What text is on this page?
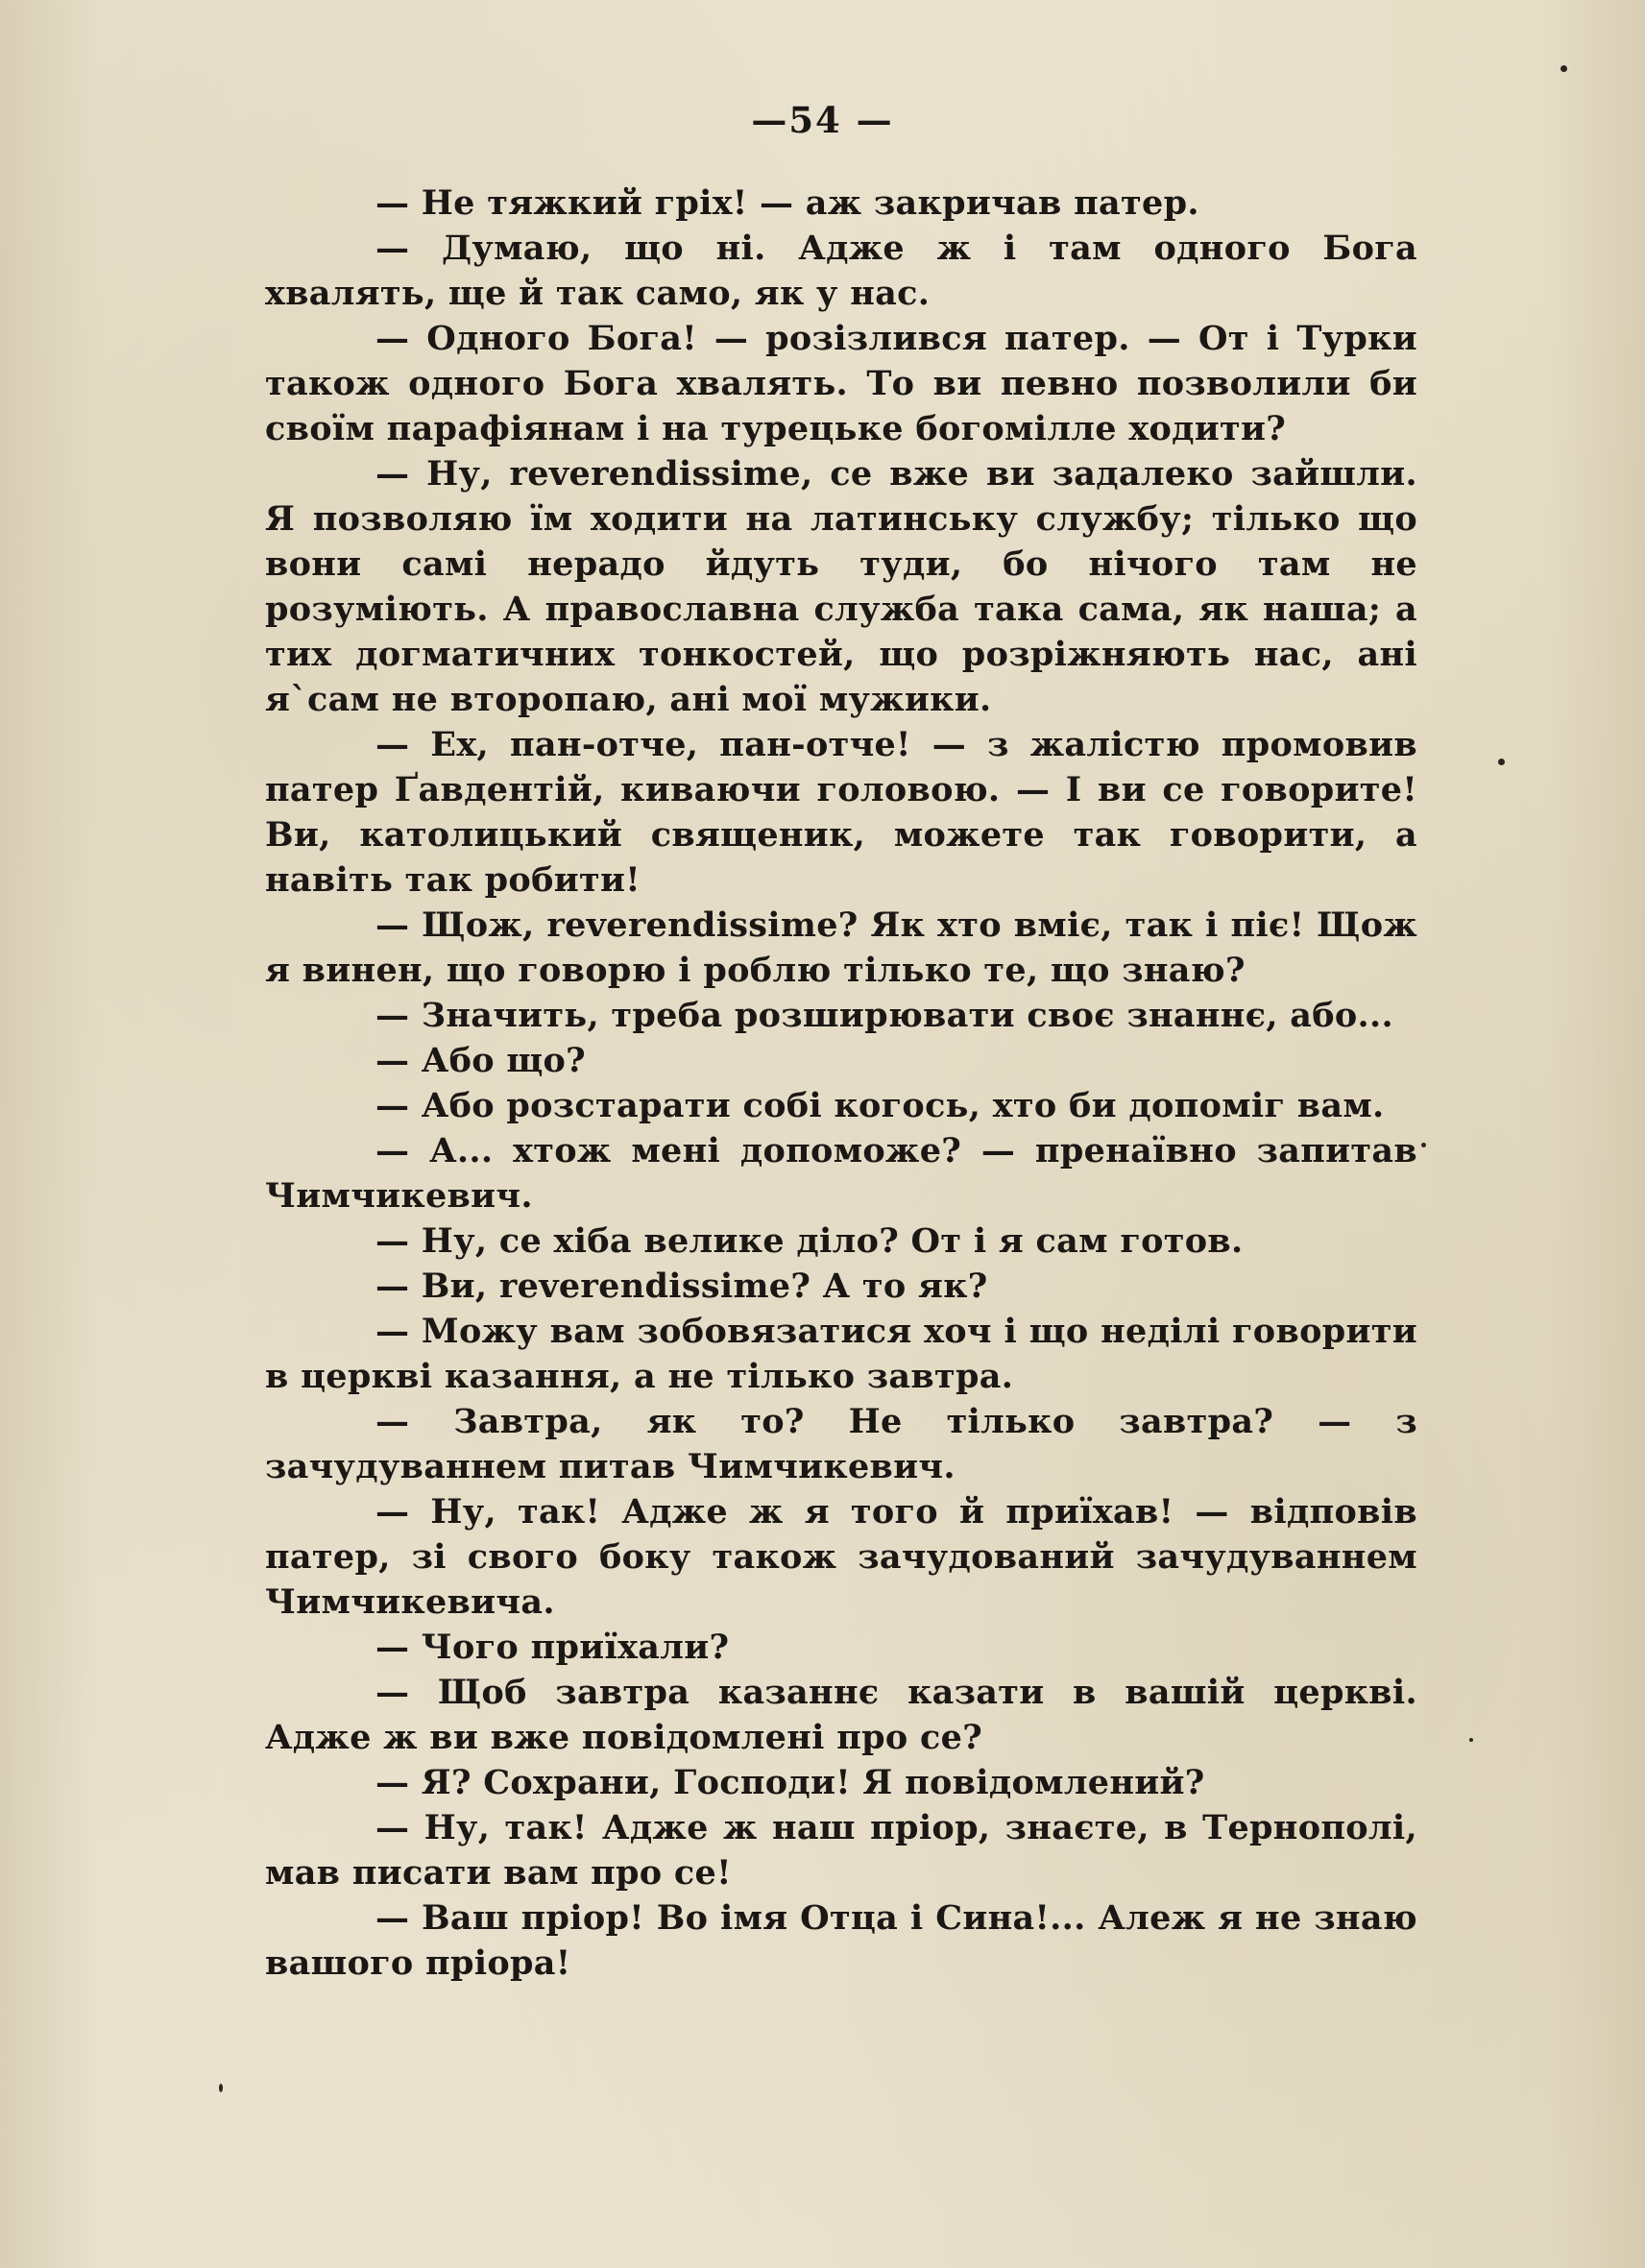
—54 —

— Не тяжкий гріх! — аж закричав патер.

— Думаю, що ні. Адже ж і там одного Бога хвалять, ще й так само, як у нас.

— Одного Бога! — розізлився патер. — От і Турки також одного Бога хвалять. То ви певно позволили би своїм парафіянам і на турецьке богомілле ходити?

— Ну, reverendissime, се вже ви задалеко зайшли. Я позволяю їм ходити на латинську службу; тілько що вони самі нерадо йдуть туди, бо нічого там не розуміють. А православна служба така сама, як наша; а тих догматичних тонкостей, що розріжняють нас, ані я`сам не второпаю, ані мої мужики.

— Ех, пан-отче, пан-отче! — з жалістю промовив патер Ґавдентій, киваючи головою. — І ви се говорите! Ви, католицький священик, можете так говорити, а навіть так робити!

— Щож, reverendissime? Як хто вміє, так і піє! Щож я винен, що говорю і роблю тілько те, що знаю?

— Значить, треба розширювати своє знаннє, або...

— Або що?

— Або розстарати собі когось, хто би допоміг вам.

— А... хтож мені допоможе? — пренаївно запитав Чимчикевич.

— Ну, се хіба велике діло? От і я сам готов.

— Ви, reverendissime? А то як?

— Можу вам зобовязатися хоч і що неділі говорити в церкві казання, а не тілько завтра.

— Завтра, як то? Не тілько завтра? — з зачудуваннем питав Чимчикевич.

— Ну, так! Адже ж я того й приїхав! — відповів патер, зі свого боку також зачудований зачудуваннем Чимчикевича.

— Чого приїхали?

— Щоб завтра казаннє казати в вашій церкві. Адже ж ви вже повідомлені про се?

— Я? Сохрани, Господи! Я повідомлений?

— Ну, так! Адже ж наш пріор, знаєте, в Тернополі, мав писати вам про се!

— Ваш пріор! Во імя Отца і Сина!... Алеж я не знаю вашого пріора!
